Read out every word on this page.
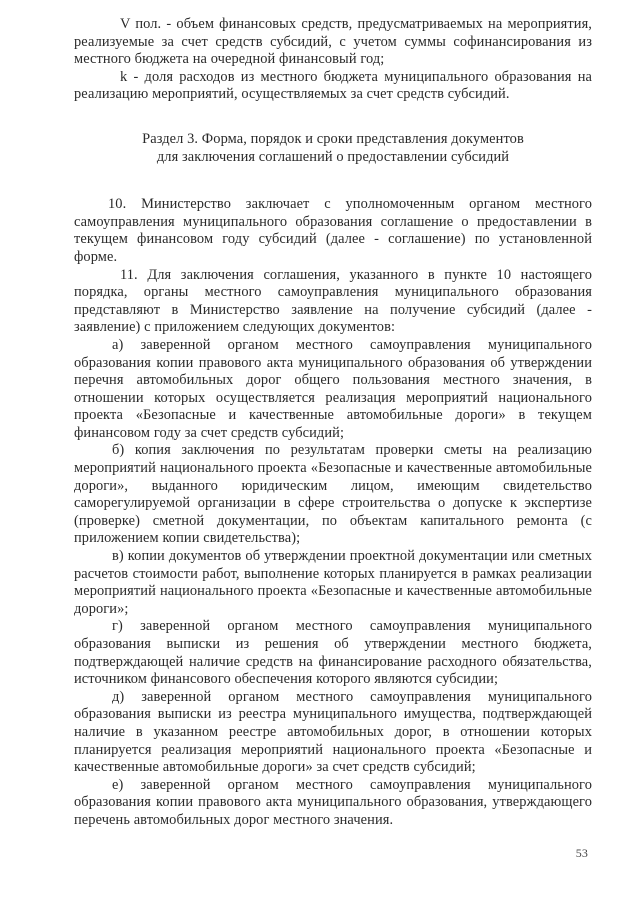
V пол. - объем финансовых средств, предусматриваемых на мероприятия, реализуемые за счет средств субсидий, с учетом суммы софинансирования из местного бюджета на очередной финансовый год;

k - доля расходов из местного бюджета муниципального образования на реализацию мероприятий, осуществляемых за счет средств субсидий.

Раздел 3. Форма, порядок и сроки представления документов
для заключения соглашений о предоставлении субсидий

10. Министерство заключает с уполномоченным органом местного самоуправления муниципального образования соглашение о предоставлении в текущем финансовом году субсидий (далее - соглашение) по установленной форме.

11. Для заключения соглашения, указанного в пункте 10 настоящего порядка, органы местного самоуправления муниципального образования представляют в Министерство заявление на получение субсидий (далее - заявление) с приложением следующих документов:

а) заверенной органом местного самоуправления муниципального образования копии правового акта муниципального образования об утверждении перечня автомобильных дорог общего пользования местного значения, в отношении которых осуществляется реализация мероприятий национального проекта «Безопасные и качественные автомобильные дороги» в текущем финансовом году за счет средств субсидий;

б) копия заключения по результатам проверки сметы на реализацию мероприятий национального проекта «Безопасные и качественные автомобильные дороги», выданного юридическим лицом, имеющим свидетельство саморегулируемой организации в сфере строительства о допуске к экспертизе (проверке) сметной документации, по объектам капитального ремонта (с приложением копии свидетельства);

в) копии документов об утверждении проектной документации или сметных расчетов стоимости работ, выполнение которых планируется в рамках реализации мероприятий национального проекта «Безопасные и качественные автомобильные дороги»;

г) заверенной органом местного самоуправления муниципального образования выписки из решения об утверждении местного бюджета, подтверждающей наличие средств на финансирование расходного обязательства, источником финансового обеспечения которого являются субсидии;

д) заверенной органом местного самоуправления муниципального образования выписки из реестра муниципального имущества, подтверждающей наличие в указанном реестре автомобильных дорог, в отношении которых планируется реализация мероприятий национального проекта «Безопасные и качественные автомобильные дороги» за счет средств субсидий;

е) заверенной органом местного самоуправления муниципального образования копии правового акта муниципального образования, утверждающего перечень автомобильных дорог местного значения.

53
